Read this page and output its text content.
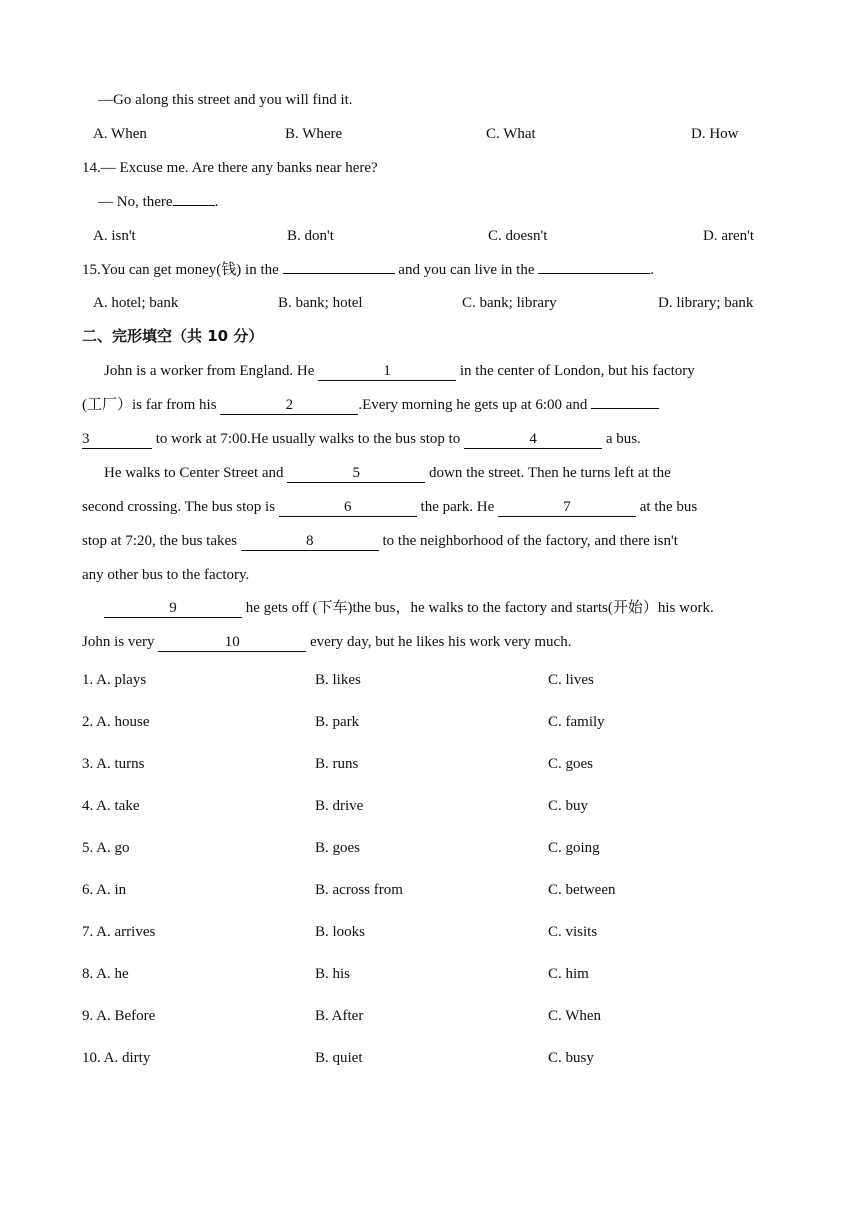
—Go along this street and you will find it.
A. When	B. Where	C. What	D. How
14.— Excuse me. Are there any banks near here?
— No, there	.
A. isn't	B. don't	C. doesn't	D. aren't
15.You can get money(钱) in the	and you can live in the	.
A. hotel; bank	B. bank; hotel	C. bank; library	D. library; bank
二、完形填空（共 10 分）
John is a worker from England. He	1	in the center of London, but his factory
(工厂）is far from his	2	.Every morning he gets up at 6:00 and
3	to work at 7:00.He usually walks to the bus stop to	4	a bus.
He walks to Center Street and	5	down the street. Then he turns left at the
second crossing. The bus stop is	6	the park. He	7	at the bus
stop at 7:20, the bus takes	8	to the neighborhood of the factory, and there isn't
any other bus to the factory.
9	he gets off (下车)the bus，he walks to the factory and starts(开始）his work.
John is very	10	every day, but he likes his work very much.
1. A. plays	B. likes	C. lives
2. A. house	B. park	C. family
3. A. turns	B. runs	C. goes
4. A. take	B. drive	C. buy
5. A. go	B. goes	C. going
6. A. in	B. across from	C. between
7. A. arrives	B. looks	C. visits
8. A. he	B. his	C. him
9. A. Before	B. After	C. When
10. A. dirty	B. quiet	C. busy
